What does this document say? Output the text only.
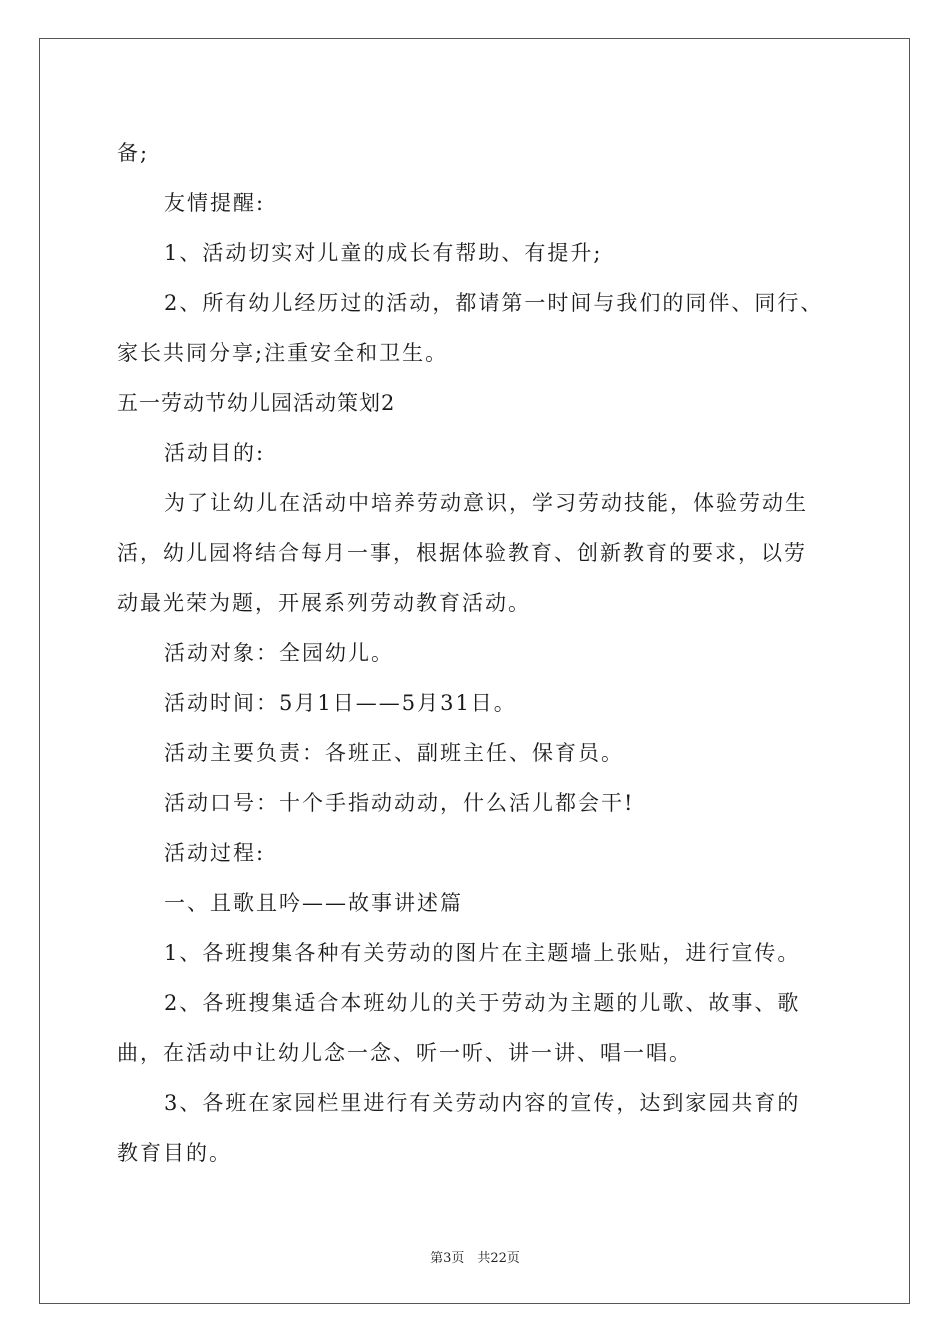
备;
友情提醒:
1、活动切实对儿童的成长有帮助、有提升;
2、所有幼儿经历过的活动，都请第一时间与我们的同伴、同行、
家长共同分享;注重安全和卫生。
五一劳动节幼儿园活动策划2
活动目的:
为了让幼儿在活动中培养劳动意识，学习劳动技能，体验劳动生
活，幼儿园将结合每月一事，根据体验教育、创新教育的要求，以劳
动最光荣为题，开展系列劳动教育活动。
活动对象：全园幼儿。
活动时间：5月1日——5月31日。
活动主要负责：各班正、副班主任、保育员。
活动口号：十个手指动动动，什么活儿都会干!
活动过程:
一、且歌且吟——故事讲述篇
1、各班搜集各种有关劳动的图片在主题墙上张贴，进行宣传。
2、各班搜集适合本班幼儿的关于劳动为主题的儿歌、故事、歌
曲，在活动中让幼儿念一念、听一听、讲一讲、唱一唱。
3、各班在家园栏里进行有关劳动内容的宣传，达到家园共育的
教育目的。
第3页　共22页
